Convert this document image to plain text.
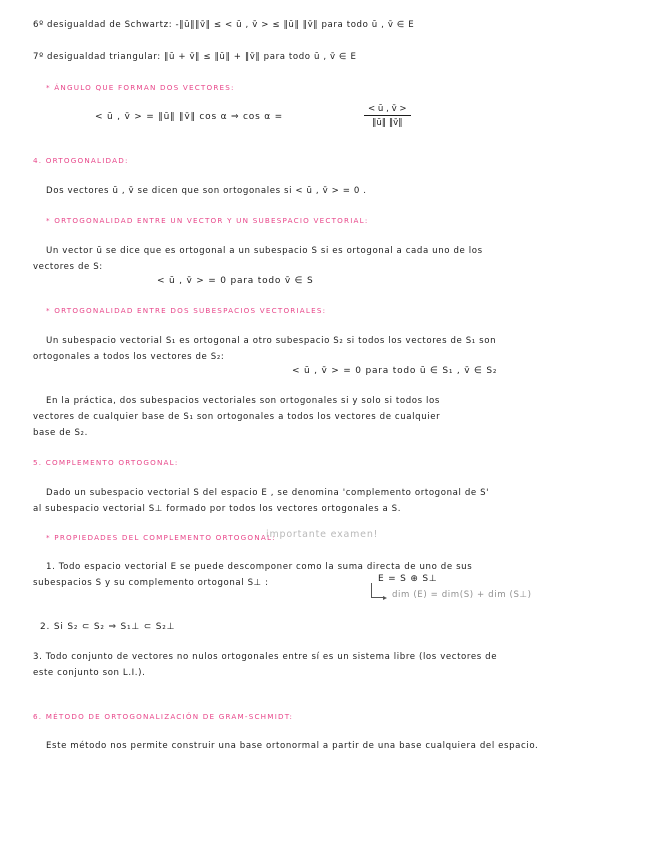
6º desigualdad de Schwartz: -‖ū‖‖v̄‖ ≤ < ū , v̄ > ≤ ‖ū‖ ‖v̄‖ para todo ū , v̄ ∈ E
7º desigualdad triangular: ‖ū + v̄‖ ≤ ‖ū‖ + ‖v̄‖ para todo ū , v̄ ∈ E
* ÁNGULO QUE FORMAN DOS VECTORES:
< ū , v̄ > = ‖ū‖ ‖v̄‖ cos α ⇒ cos α =	$\frac{< ū , v̄ >}{‖ū‖ ‖v̄‖}$
4. ORTOGONALIDAD:
Dos vectores ū , v̄ se dicen que son ortogonales si < ū , v̄ > = 0 .
* ORTOGONALIDAD ENTRE UN VECTOR Y UN SUBESPACIO VECTORIAL:
Un vector ū se dice que es ortogonal a un subespacio S si es ortogonal a cada uno de los
vectores de S:
< ū , v̄ > = 0 para todo v̄ ∈ S
* ORTOGONALIDAD ENTRE DOS SUBESPACIOS VECTORIALES:
Un subespacio vectorial S₁ es ortogonal a otro subespacio S₂ si todos los vectores de S₁ son
ortogonales a todos los vectores de S₂:
< ū , v̄ > = 0 para todo ū ∈ S₁ , v̄ ∈ S₂
En la práctica, dos subespacios vectoriales son ortogonales si y solo si todos los
vectores de cualquier base de S₁ son ortogonales a todos los vectores de cualquier
base de S₂.
5. COMPLEMENTO ORTOGONAL:
Dado un subespacio vectorial S del espacio E , se denomina 'complemento ortogonal de S'
al subespacio vectorial S⊥ formado por todos los vectores ortogonales a S.
* PROPIEDADES DEL COMPLEMENTO ORTOGONAL:
importante examen!
1. Todo espacio vectorial E se puede descomponer como la suma directa de uno de sus
subespacios S y su complemento ortogonal S⊥ :	E = S ⊕ S⊥
dim (E) = dim(S) + dim (S⊥)
2. Si S₂ ⊂ S₂ ⇒ S₁⊥ ⊂ S₂⊥
3. Todo conjunto de vectores no nulos ortogonales entre sí es un sistema libre (los vectores de
este conjunto son L.I.).
6. MÉTODO DE ORTOGONALIZACIÓN DE GRAM-SCHMIDT:
Este método nos permite construir una base ortonormal a partir de una base cualquiera del espacio.
